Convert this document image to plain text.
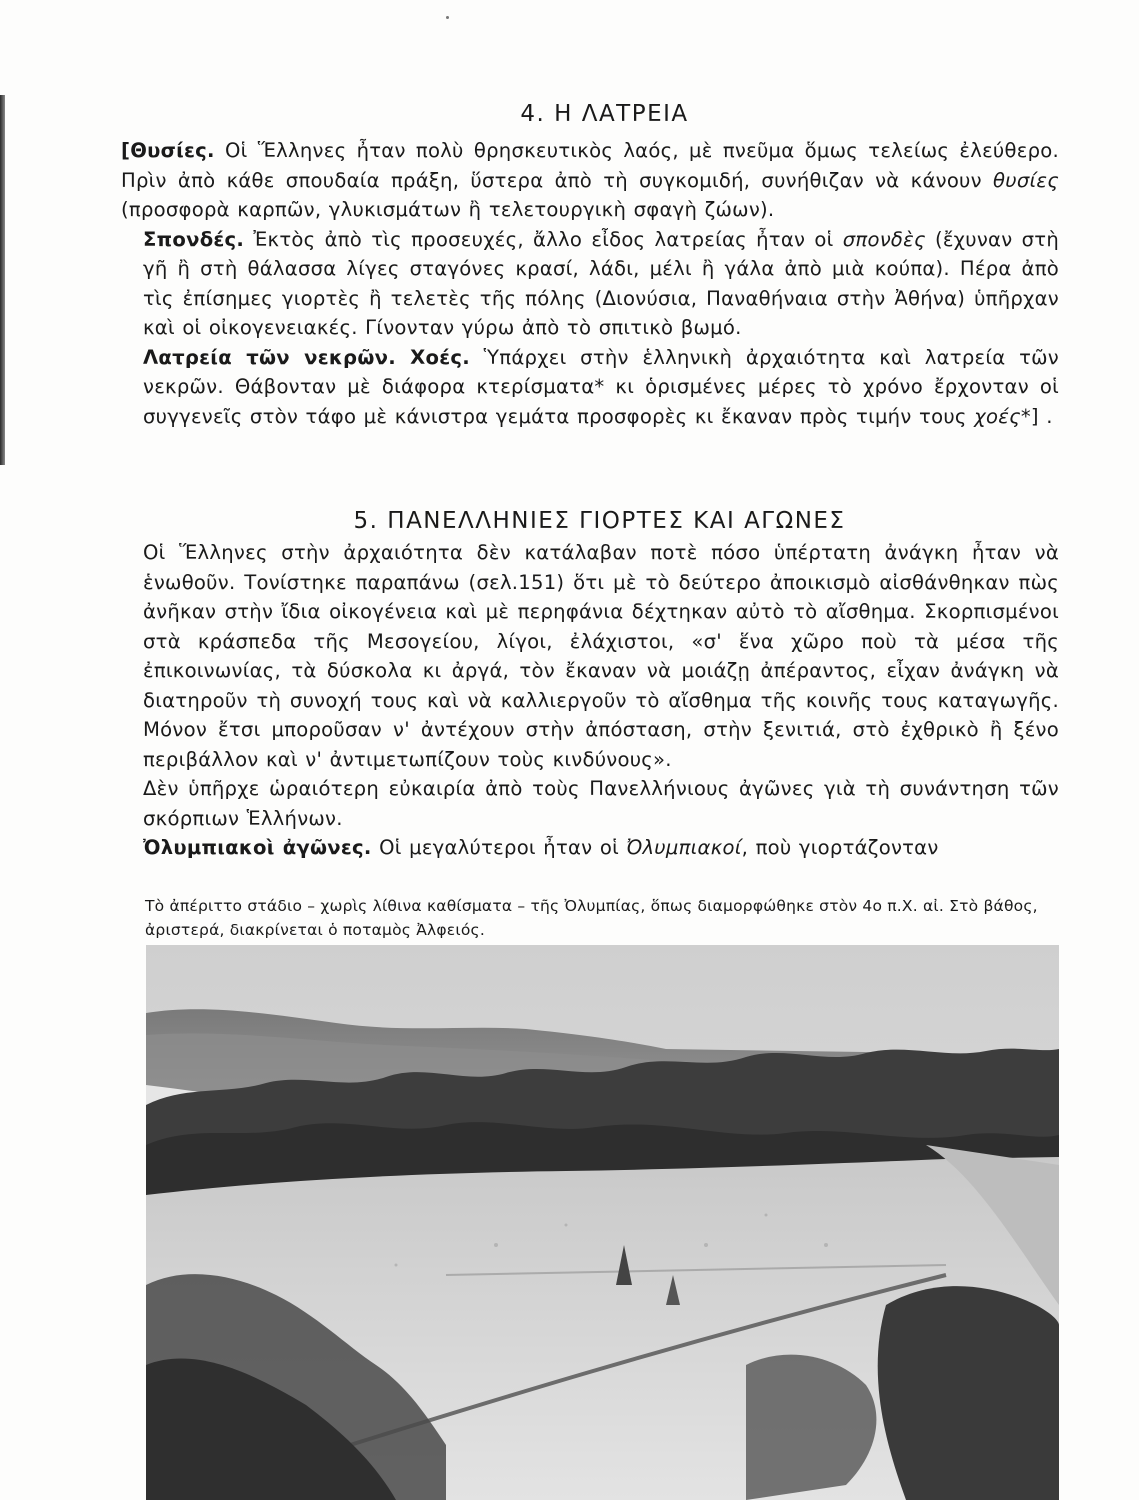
4. Η ΛΑΤΡΕΙΑ

[Θυσίες. Οἱ Ἕλληνες ἦταν πολὺ θρησκευτικὸς λαός, μὲ πνεῦμα ὅμως τελείως ἐλεύθερο. Πρὶν ἀπὸ κάθε σπουδαία πράξη, ὕστερα ἀπὸ τὴ συγκομιδή, συνήθιζαν νὰ κάνουν θυσίες (προσφορὰ καρπῶν, γλυκισμάτων ἢ τελετουργικὴ σφαγὴ ζώων).

Σπονδές. Ἐκτὸς ἀπὸ τὶς προσευχές, ἄλλο εἶδος λατρείας ἦταν οἱ σπονδὲς (ἔχυναν στὴ γῆ ἢ στὴ θάλασσα λίγες σταγόνες κρασί, λάδι, μέλι ἢ γάλα ἀπὸ μιὰ κούπα). Πέρα ἀπὸ τὶς ἐπίσημες γιορτὲς ἢ τελετὲς τῆς πόλης (Διονύσια, Παναθήναια στὴν Ἀθήνα) ὑπῆρχαν καὶ οἱ οἰκογενειακές. Γίνονταν γύρω ἀπὸ τὸ σπιτικὸ βωμό.

Λατρεία τῶν νεκρῶν. Χοές. Ὑπάρχει στὴν ἑλληνικὴ ἀρχαιότητα καὶ λατρεία τῶν νεκρῶν. Θάβονταν μὲ διάφορα κτερίσματα* κι ὁρισμένες μέρες τὸ χρόνο ἔρχονταν οἱ συγγενεῖς στὸν τάφο μὲ κάνιστρα γεμάτα προσφορὲς κι ἔκαναν πρὸς τιμήν τους χοές*] .

5. ΠΑΝΕΛΛΗΝΙΕΣ ΓΙΟΡΤΕΣ ΚΑΙ ΑΓΩΝΕΣ

Οἱ Ἕλληνες στὴν ἀρχαιότητα δὲν κατάλαβαν ποτὲ πόσο ὑπέρτατη ἀνάγκη ἦταν νὰ ἑνωθοῦν. Τονίστηκε παραπάνω (σελ.151) ὅτι μὲ τὸ δεύτερο ἀποικισμὸ αἰσθάνθηκαν πὼς ἀνῆκαν στὴν ἴδια οἰκογένεια καὶ μὲ περηφάνια δέχτηκαν αὐτὸ τὸ αἴσθημα. Σκορπισμένοι στὰ κράσπεδα τῆς Μεσογείου, λίγοι, ἐλάχιστοι, «σ' ἕνα χῶρο ποὺ τὰ μέσα τῆς ἐπικοινωνίας, τὰ δύσκολα κι ἀργά, τὸν ἔκαναν νὰ μοιάζῃ ἀπέραντος, εἶχαν ἀνάγκη νὰ διατηροῦν τὴ συνοχή τους καὶ νὰ καλλιεργοῦν τὸ αἴσθημα τῆς κοινῆς τους καταγωγῆς. Μόνον ἔτσι μποροῦσαν ν' ἀντέχουν στὴν ἀπόσταση, στὴν ξενιτιά, στὸ ἐχθρικὸ ἢ ξένο περιβάλλον καὶ ν' ἀντιμετωπίζουν τοὺς κινδύνους».

Δὲν ὑπῆρχε ὡραιότερη εὐκαιρία ἀπὸ τοὺς Πανελλήνιους ἀγῶνες γιὰ τὴ συνάντηση τῶν σκόρπιων Ἑλλήνων.

Ὀλυμπιακοὶ ἀγῶνες. Οἱ μεγαλύτεροι ἦταν οἱ Ὀλυμπιακοί, ποὺ γιορτάζονταν

Τὸ ἀπέριττο στάδιο – χωρὶς λίθινα καθίσματα – τῆς Ὀλυμπίας, ὅπως διαμορφώθηκε στὸν 4ο π.Χ. αἰ. Στὸ βάθος, ἀριστερά, διακρίνεται ὁ ποταμὸς Ἀλφειός.
